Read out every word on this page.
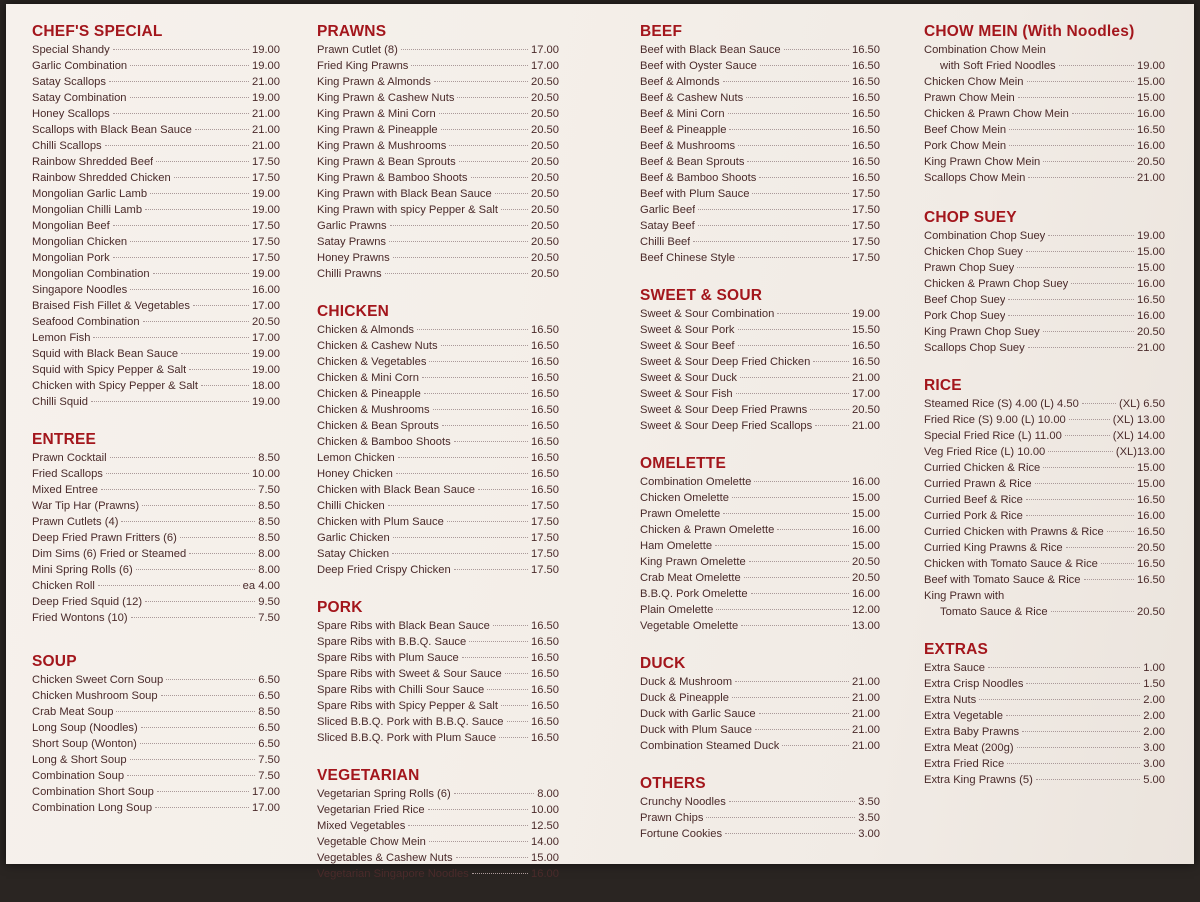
CHEF'S SPECIAL
Special Shandy	19.00
Garlic Combination	19.00
Satay Scallops	21.00
Satay Combination	19.00
Honey Scallops	21.00
Scallops with Black Bean Sauce	21.00
Chilli Scallops	21.00
Rainbow Shredded Beef	17.50
Rainbow Shredded Chicken	17.50
Mongolian Garlic Lamb	19.00
Mongolian Chilli Lamb	19.00
Mongolian Beef	17.50
Mongolian Chicken	17.50
Mongolian Pork	17.50
Mongolian Combination	19.00
Singapore Noodles	16.00
Braised Fish Fillet & Vegetables	17.00
Seafood Combination	20.50
Lemon Fish	17.00
Squid with Black Bean Sauce	19.00
Squid with Spicy Pepper & Salt	19.00
Chicken with Spicy Pepper & Salt	18.00
Chilli Squid	19.00
ENTREE
Prawn Cocktail	8.50
Fried Scallops	10.00
Mixed Entree	7.50
War Tip Har (Prawns)	8.50
Prawn Cutlets (4)	8.50
Deep Fried Prawn Fritters (6)	8.50
Dim Sims (6) Fried or Steamed	8.00
Mini Spring Rolls (6)	8.00
Chicken Roll	ea 4.00
Deep Fried Squid (12)	9.50
Fried Wontons (10)	7.50
SOUP
Chicken Sweet Corn Soup	6.50
Chicken Mushroom Soup	6.50
Crab Meat Soup	8.50
Long Soup (Noodles)	6.50
Short Soup (Wonton)	6.50
Long & Short Soup	7.50
Combination Soup	7.50
Combination Short Soup	17.00
Combination Long Soup	17.00
PRAWNS
Prawn Cutlet (8)	17.00
Fried King Prawns	17.00
King Prawn & Almonds	20.50
King Prawn & Cashew Nuts	20.50
King Prawn & Mini Corn	20.50
King Prawn & Pineapple	20.50
King Prawn & Mushrooms	20.50
King Prawn & Bean Sprouts	20.50
King Prawn & Bamboo Shoots	20.50
King Prawn with Black Bean Sauce	20.50
King Prawn with spicy Pepper & Salt	20.50
Garlic Prawns	20.50
Satay Prawns	20.50
Honey Prawns	20.50
Chilli Prawns	20.50
CHICKEN
Chicken & Almonds	16.50
Chicken & Cashew Nuts	16.50
Chicken & Vegetables	16.50
Chicken & Mini Corn	16.50
Chicken & Pineapple	16.50
Chicken & Mushrooms	16.50
Chicken & Bean Sprouts	16.50
Chicken & Bamboo Shoots	16.50
Lemon Chicken	16.50
Honey Chicken	16.50
Chicken with Black Bean Sauce	16.50
Chilli Chicken	17.50
Chicken with Plum Sauce	17.50
Garlic Chicken	17.50
Satay Chicken	17.50
Deep Fried Crispy Chicken	17.50
PORK
Spare Ribs with Black Bean Sauce	16.50
Spare Ribs with B.B.Q. Sauce	16.50
Spare Ribs with Plum Sauce	16.50
Spare Ribs with Sweet & Sour Sauce	16.50
Spare Ribs with Chilli Sour Sauce	16.50
Spare Ribs with Spicy Pepper & Salt	16.50
Sliced B.B.Q. Pork with B.B.Q. Sauce 16.50
Sliced B.B.Q. Pork with Plum Sauce	16.50
VEGETARIAN
Vegetarian Spring Rolls (6)	8.00
Vegetarian Fried Rice	10.00
Mixed Vegetables	12.50
Vegetable Chow Mein	14.00
Vegetables & Cashew Nuts	15.00
Vegetarian Singapore Noodles	16.00
BEEF
Beef with Black Bean Sauce	16.50
Beef with Oyster Sauce	16.50
Beef & Almonds	16.50
Beef & Cashew Nuts	16.50
Beef & Mini Corn	16.50
Beef & Pineapple	16.50
Beef & Mushrooms	16.50
Beef & Bean Sprouts	16.50
Beef & Bamboo Shoots	16.50
Beef with Plum Sauce	17.50
Garlic Beef	17.50
Satay Beef	17.50
Chilli Beef	17.50
Beef Chinese Style	17.50
SWEET & SOUR
Sweet & Sour Combination	19.00
Sweet & Sour Pork	15.50
Sweet & Sour Beef	16.50
Sweet & Sour Deep Fried Chicken	16.50
Sweet & Sour Duck	21.00
Sweet & Sour Fish	17.00
Sweet & Sour Deep Fried Prawns	20.50
Sweet & Sour Deep Fried Scallops	21.00
OMELETTE
Combination Omelette	16.00
Chicken Omelette	15.00
Prawn Omelette	15.00
Chicken & Prawn Omelette	16.00
Ham Omelette	15.00
King Prawn Omelette	20.50
Crab Meat Omelette	20.50
B.B.Q. Pork Omelette	16.00
Plain Omelette	12.00
Vegetable Omelette	13.00
DUCK
Duck & Mushroom	21.00
Duck & Pineapple	21.00
Duck with Garlic Sauce	21.00
Duck with Plum Sauce	21.00
Combination Steamed Duck	21.00
OTHERS
Crunchy Noodles	3.50
Prawn Chips	3.50
Fortune Cookies	3.00
CHOW MEIN (With Noodles)
Combination Chow Mein
with Soft Fried Noodles	19.00
Chicken Chow Mein	15.00
Prawn Chow Mein	15.00
Chicken & Prawn Chow Mein	16.00
Beef Chow Mein	16.50
Pork Chow Mein	16.00
King Prawn Chow Mein	20.50
Scallops Chow Mein	21.00
CHOP SUEY
Combination Chop Suey	19.00
Chicken Chop Suey	15.00
Prawn Chop Suey	15.00
Chicken & Prawn Chop Suey	16.00
Beef Chop Suey	16.50
Pork Chop Suey	16.00
King Prawn Chop Suey	20.50
Scallops Chop Suey	21.00
RICE
Steamed Rice (S) 4.00 (L) 4.50	(XL) 6.50
Fried Rice (S) 9.00 (L) 10.00	(XL) 13.00
Special Fried Rice (L) 11.00	(XL) 14.00
Veg Fried Rice (L) 10.00	(XL)13.00
Curried Chicken & Rice	15.00
Curried Prawn & Rice	15.00
Curried Beef & Rice	16.50
Curried Pork & Rice	16.00
Curried Chicken with Prawns & Rice	16.50
Curried King Prawns & Rice	20.50
Chicken with Tomato Sauce & Rice	16.50
Beef with Tomato Sauce & Rice	16.50
King Prawn with
Tomato Sauce & Rice	20.50
EXTRAS
Extra Sauce	1.00
Extra Crisp Noodles	1.50
Extra Nuts	2.00
Extra Vegetable	2.00
Extra Baby Prawns	2.00
Extra Meat (200g)	3.00
Extra Fried Rice	3.00
Extra King Prawns (5)	5.00
